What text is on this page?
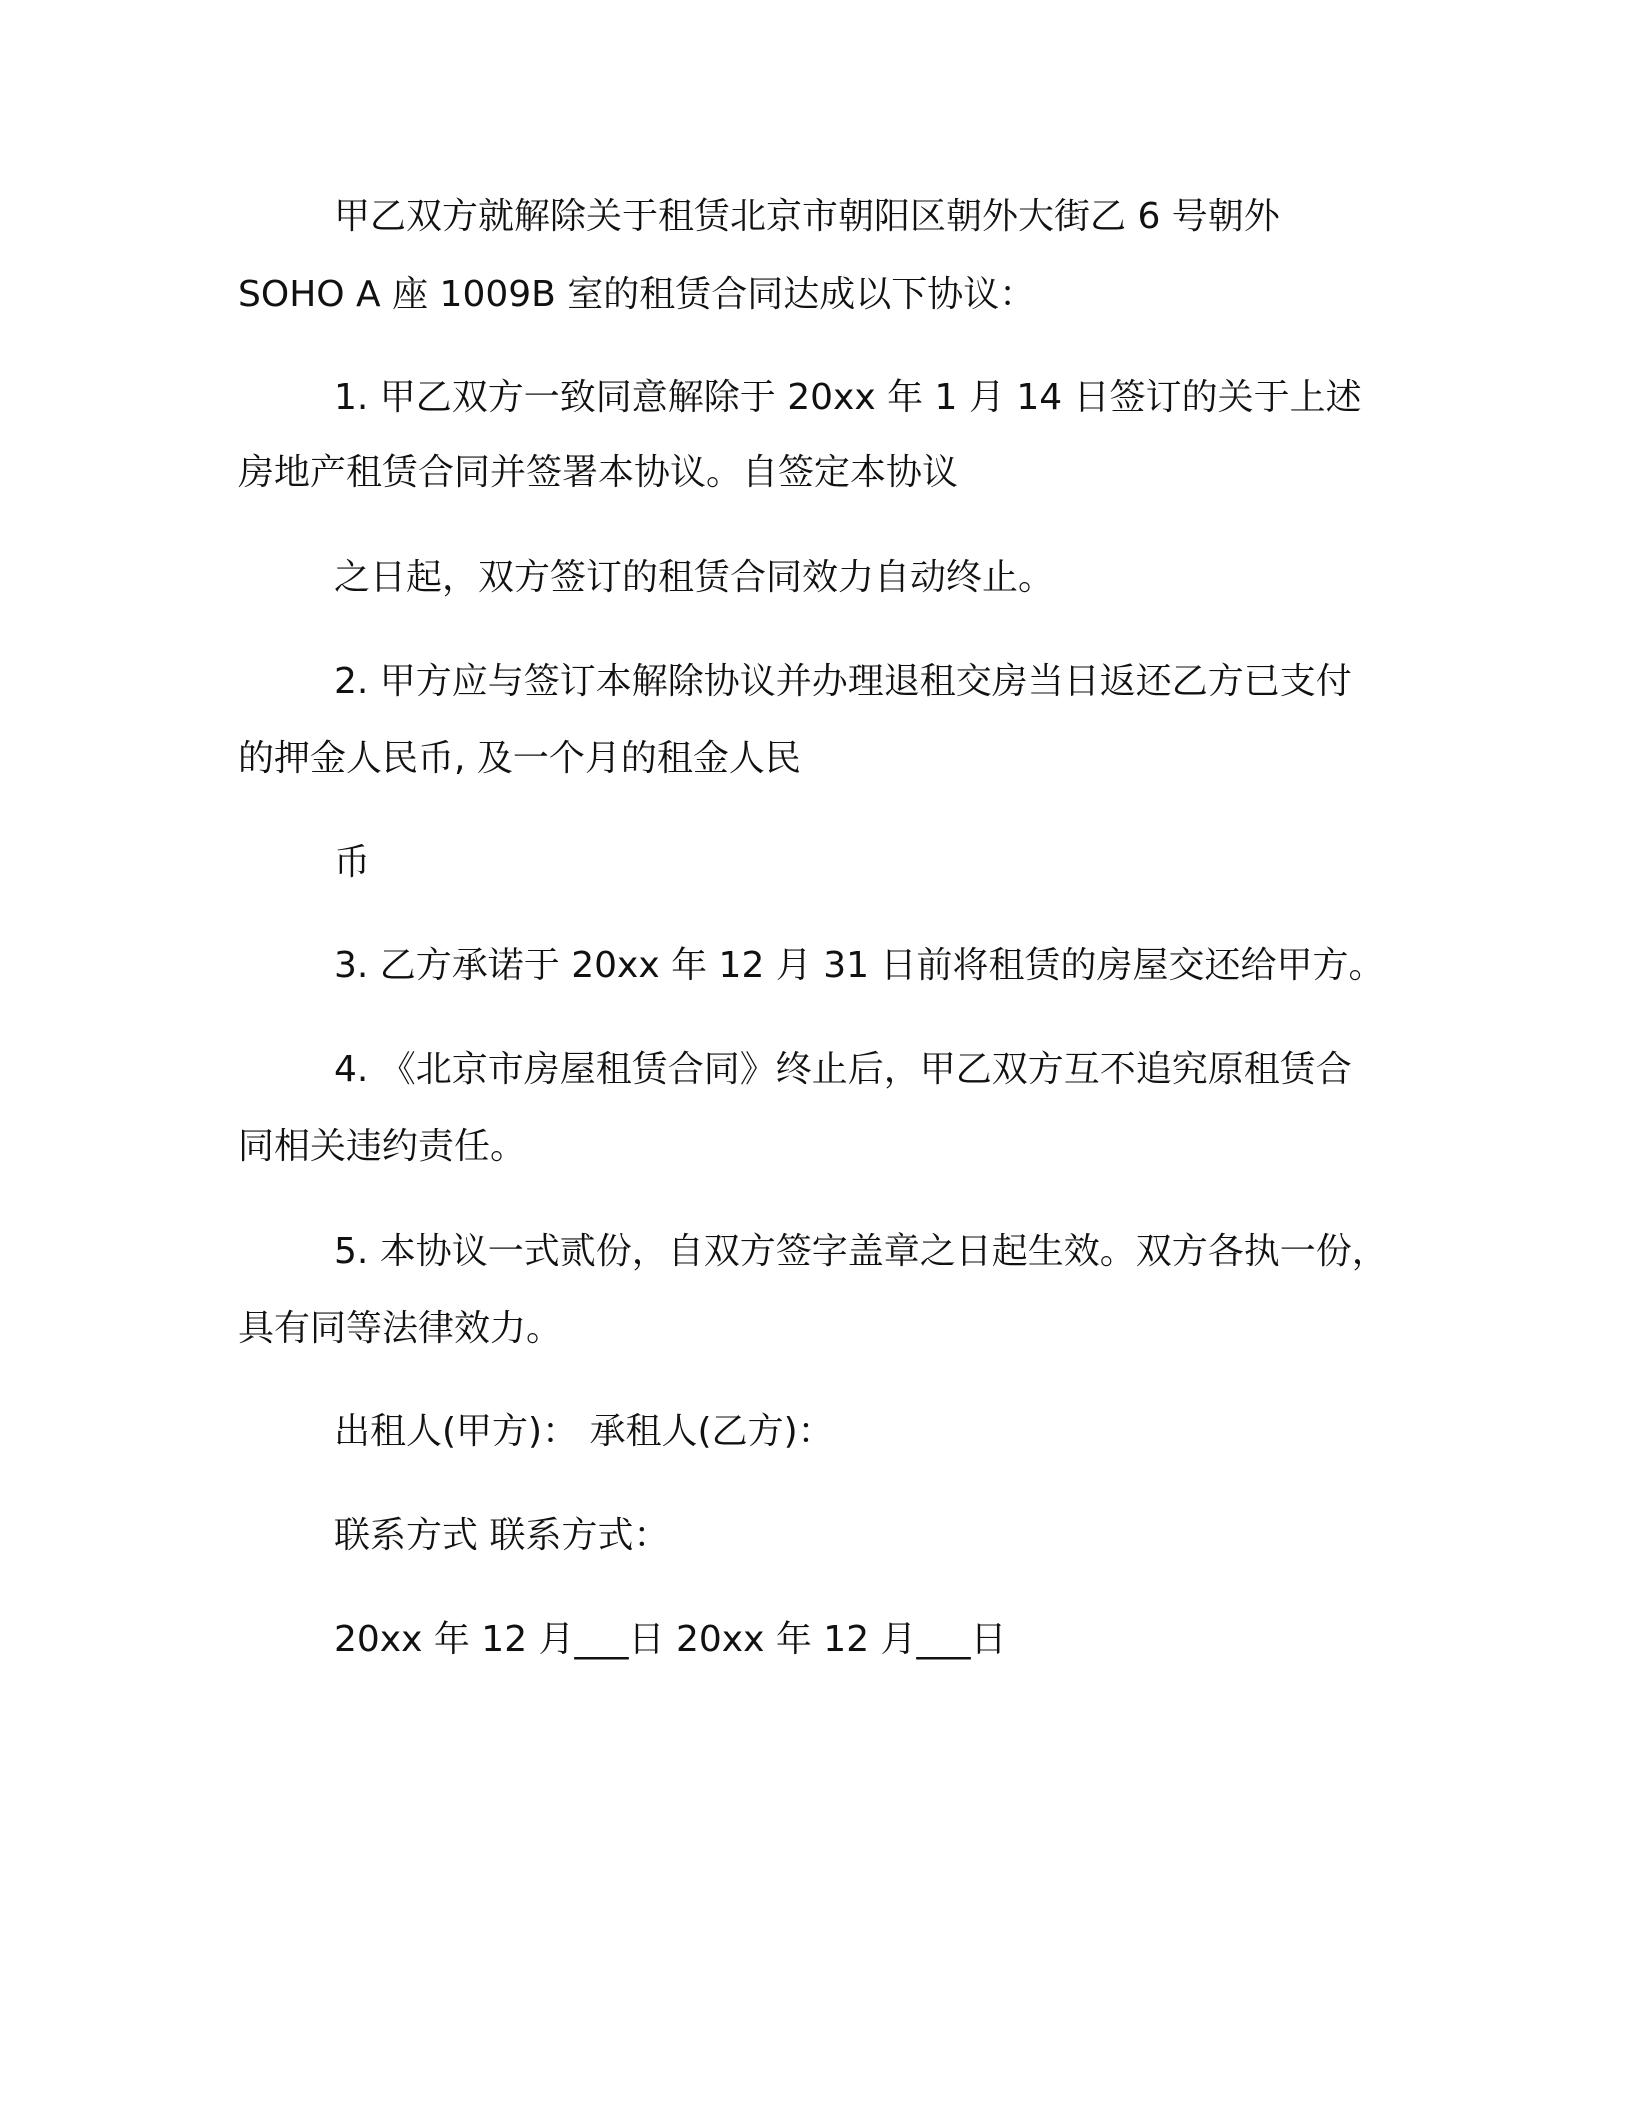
甲乙双方就解除关于租赁北京市朝阳区朝外大街乙 6 号朝外
SOHO A 座 1009B 室的租赁合同达成以下协议：
1. 甲乙双方一致同意解除于 20xx 年 1 月 14 日签订的关于上述
房地产租赁合同并签署本协议。自签定本协议
之日起，双方签订的租赁合同效力自动终止。
2. 甲方应与签订本解除协议并办理退租交房当日返还乙方已支付
的押金人民币, 及一个月的租金人民
币
3. 乙方承诺于 20xx 年 12 月 31 日前将租赁的房屋交还给甲方。
4. 《北京市房屋租赁合同》终止后，甲乙双方互不追究原租赁合
同相关违约责任。
5. 本协议一式贰份，自双方签字盖章之日起生效。双方各执一份，
具有同等法律效力。
出租人(甲方)： 承租人(乙方)：
联系方式 联系方式：
20xx 年 12 月___日 20xx 年 12 月___日
